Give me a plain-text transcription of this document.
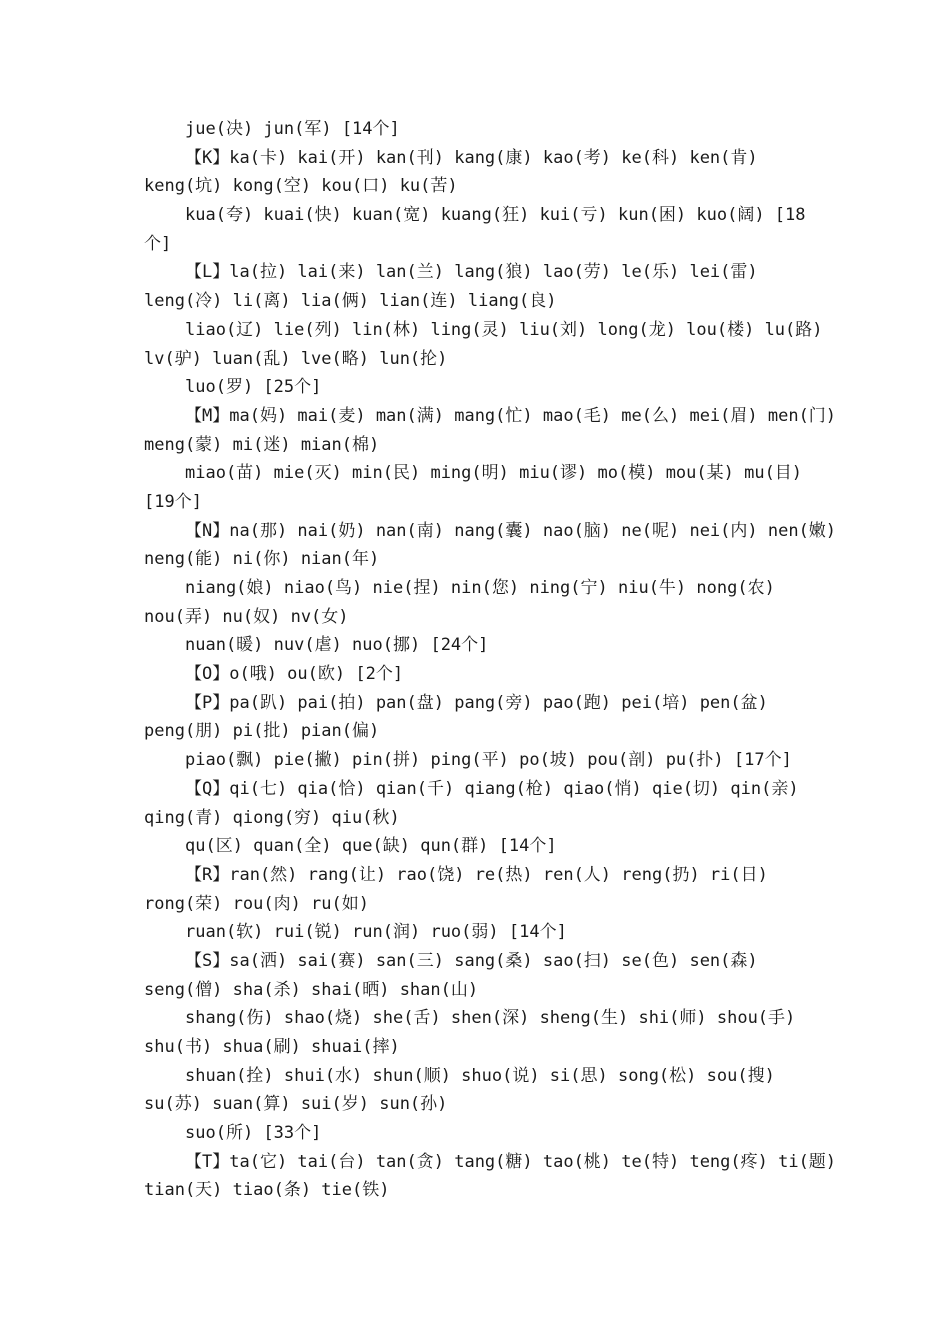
jue(决) jun(军) [14个]
【K】ka(卡) kai(开) kan(刊) kang(康) kao(考) ke(科) ken(肯)
keng(坑) kong(空) kou(口) ku(苦)
kua(夸) kuai(快) kuan(宽) kuang(狂) kui(亏) kun(困) kuo(阔) [18
个]
【L】la(拉) lai(来) lan(兰) lang(狼) lao(劳) le(乐) lei(雷)
leng(冷) li(离) lia(俩) lian(连) liang(良)
liao(辽) lie(列) lin(林) ling(灵) liu(刘) long(龙) lou(楼) lu(路)
lv(驴) luan(乱) lve(略) lun(抡)
luo(罗) [25个]
【M】ma(妈) mai(麦) man(满) mang(忙) mao(毛) me(么) mei(眉) men(门)
meng(蒙) mi(迷) mian(棉)
miao(苗) mie(灭) min(民) ming(明) miu(谬) mo(模) mou(某) mu(目)
[19个]
【N】na(那) nai(奶) nan(南) nang(囊) nao(脑) ne(呢) nei(内) nen(嫩)
neng(能) ni(你) nian(年)
niang(娘) niao(鸟) nie(捏) nin(您) ning(宁) niu(牛) nong(农)
nou(弄) nu(奴) nv(女)
nuan(暖) nuv(虐) nuo(挪) [24个]
【O】o(哦) ou(欧) [2个]
【P】pa(趴) pai(拍) pan(盘) pang(旁) pao(跑) pei(培) pen(盆)
peng(朋) pi(批) pian(偏)
piao(飘) pie(撇) pin(拼) ping(平) po(坡) pou(剖) pu(扑) [17个]
【Q】qi(七) qia(恰) qian(千) qiang(枪) qiao(悄) qie(切) qin(亲)
qing(青) qiong(穷) qiu(秋)
qu(区) quan(全) que(缺) qun(群) [14个]
【R】ran(然) rang(让) rao(饶) re(热) ren(人) reng(扔) ri(日)
rong(荣) rou(肉) ru(如)
ruan(软) rui(锐) run(润) ruo(弱) [14个]
【S】sa(洒) sai(赛) san(三) sang(桑) sao(扫) se(色) sen(森)
seng(僧) sha(杀) shai(晒) shan(山)
shang(伤) shao(烧) she(舌) shen(深) sheng(生) shi(师) shou(手)
shu(书) shua(刷) shuai(摔)
shuan(拴) shui(水) shun(顺) shuo(说) si(思) song(松) sou(搜)
su(苏) suan(算) sui(岁) sun(孙)
suo(所) [33个]
【T】ta(它) tai(台) tan(贪) tang(糖) tao(桃) te(特) teng(疼) ti(题)
tian(天) tiao(条) tie(铁)
